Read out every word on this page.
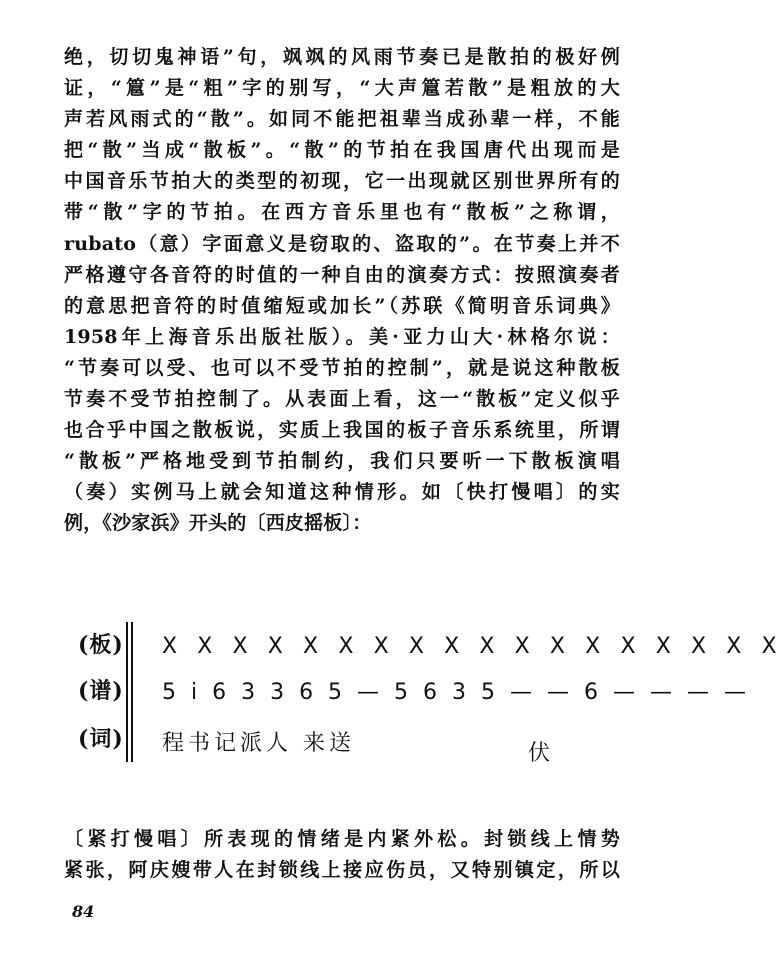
绝，切切鬼神语”句，飒飒的风雨节奏已是散拍的极好例
证，“簄”是“粗”字的别写，“大声簄若散”是粗放的大
声若风雨式的“散”。如同不能把祖辈当成孙辈一样，不能
把“散”当成“散板”。“散”的节拍在我国唐代出现而是
中国音乐节拍大的类型的初现，它一出现就区别世界所有的
带“散”字的节拍。在西方音乐里也有“散板”之称谓，
rubato（意）字面意义是窃取的、盗取的”。在节奏上并不
严格遵守各音符的时值的一种自由的演奏方式：按照演奏者
的意思把音符的时值缩短或加长”（苏联《简明音乐词典》
1958年上海音乐出版社版）。美·亚力山大·林格尔说：
“节奏可以受、也可以不受节拍的控制”，就是说这种散板
节奏不受节拍控制了。从表面上看，这一“散板”定义似乎
也合乎中国之散板说，实质上我国的板子音乐系统里，所谓
“散板”严格地受到节拍制约，我们只要听一下散板演唱
（奏）实例马上就会知道这种情形。如〔快打慢唱〕的实
例，《沙家浜》开头的〔西皮摇板〕：
(板)
(谱)
(词)
X X X X X X X X X X X X X X X X X X
5 i 6 3 3 6 5 — 5 6 3 5 — — 6 — — — —
程书记派人 来送	伏
〔紧打慢唱〕所表现的情绪是内紧外松。封锁线上情势
紧张，阿庆嫂带人在封锁线上接应伤员，又特别镇定，所以
84
